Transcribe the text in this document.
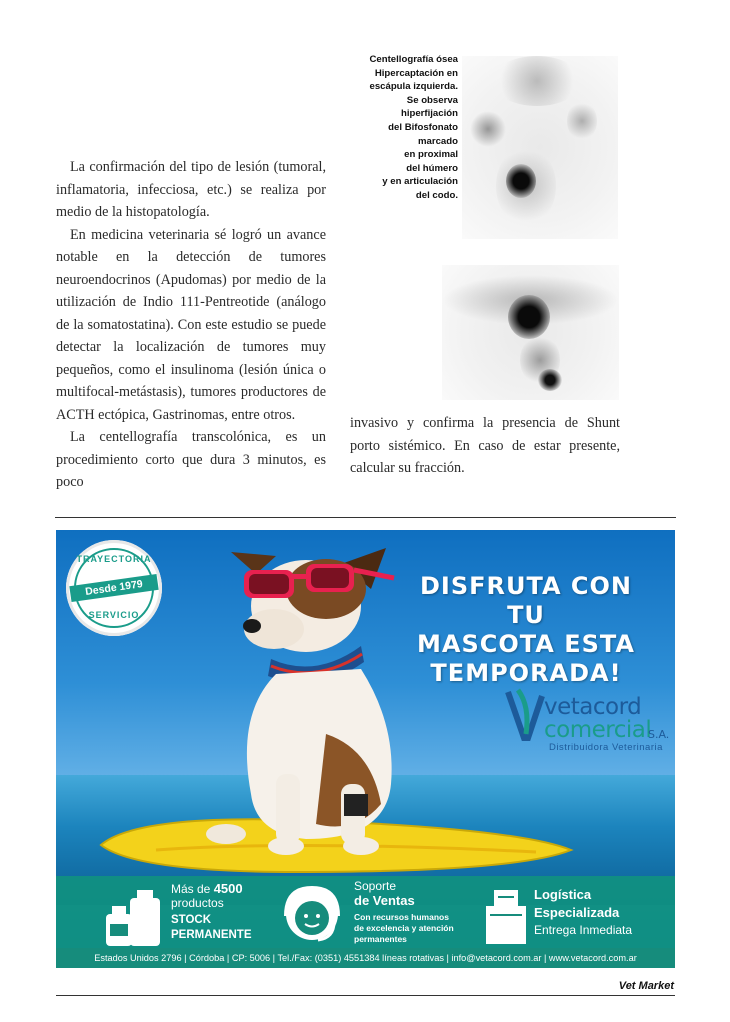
La confirmación del tipo de lesión (tumoral, inflamatoria, infecciosa, etc.) se realiza por medio de la histopatología.

En medicina veterinaria sé logró un avance notable en la detección de tumores neuroendocrinos (Apudomas) por medio de la utilización de Indio 111-Pentreotide (análogo de la somatostatina). Con este estudio se puede detectar la localización de tumores muy pequeños, como el insulinoma (lesión única o multifocal-metástasis), tumores productores de ACTH ectópica, Gastrinomas, entre otros.

La centellografía transcolónica, es un procedimiento corto que dura 3 minutos, es poco

Centellografía ósea
Hipercaptación en
escápula izquierda.
Se observa
hiperfijación
del Bifosfonato
marcado
en proximal
del húmero
y en articulación
del codo.

invasivo y confirma la presencia de Shunt porto sistémico. En caso de estar presente, calcular su fracción.

TRAYECTORIA
Desde 1979
SERVICIO
DISFRUTA CON TU
MASCOTA ESTA
TEMPORADA!
vetacord
comercial
S.A.
Distribuidora Veterinaria
Más de 4500
productos
STOCK
PERMANENTE
Soporte
de Ventas
Con recursos humanos
de excelencia y atención
permanentes
Logística
Especializada
Entrega Inmediata
Estados Unidos 2796 | Córdoba | CP: 5006 | Tel./Fax: (0351) 4551384 líneas rotativas | info@vetacord.com.ar | www.vetacord.com.ar
Vet Market
